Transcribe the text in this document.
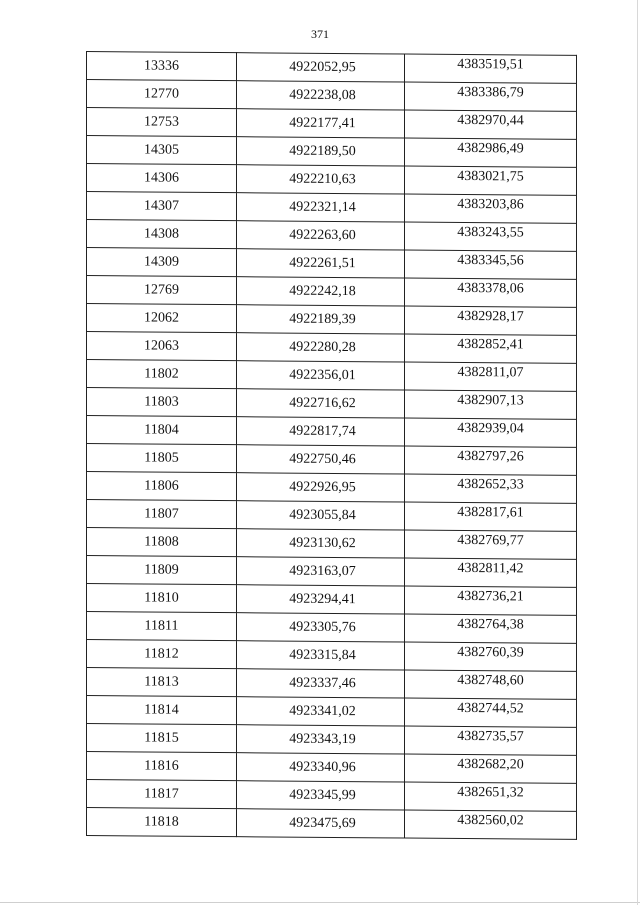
371
13336	4922052,95	4383519,51
12770	4922238,08	4383386,79
12753	4922177,41	4382970,44
14305	4922189,50	4382986,49
14306	4922210,63	4383021,75
14307	4922321,14	4383203,86
14308	4922263,60	4383243,55
14309	4922261,51	4383345,56
12769	4922242,18	4383378,06
12062	4922189,39	4382928,17
12063	4922280,28	4382852,41
11802	4922356,01	4382811,07
11803	4922716,62	4382907,13
11804	4922817,74	4382939,04
11805	4922750,46	4382797,26
11806	4922926,95	4382652,33
11807	4923055,84	4382817,61
11808	4923130,62	4382769,77
11809	4923163,07	4382811,42
11810	4923294,41	4382736,21
11811	4923305,76	4382764,38
11812	4923315,84	4382760,39
11813	4923337,46	4382748,60
11814	4923341,02	4382744,52
11815	4923343,19	4382735,57
11816	4923340,96	4382682,20
11817	4923345,99	4382651,32
11818	4923475,69	4382560,02
